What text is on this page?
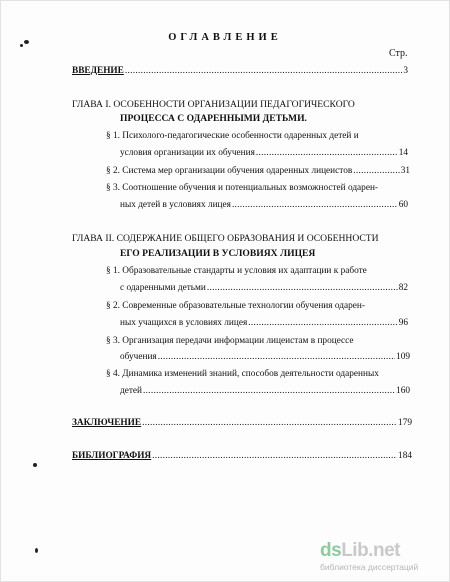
ОГЛАВЛЕНИЕ
Стр.
ВВЕДЕНИЕ .....	3
ГЛАВА I. ОСОБЕННОСТИ ОРГАНИЗАЦИИ ПЕДАГОГИЧЕСКОГО
ПРОЦЕССА С ОДАРЕННЫМИ ДЕТЬМИ.
§ 1. Психолого-педагогические особенности одаренных детей и
условия организации их обучения .....	14
§ 2. Система мер организации обучения одаренных лицеистов .....	31
§ 3. Соотношение обучения и потенциальных возможностей одарен-
ных детей в условиях лицея .....	60
ГЛАВА II. СОДЕРЖАНИЕ ОБЩЕГО ОБРАЗОВАНИЯ И ОСОБЕННОСТИ
ЕГО РЕАЛИЗАЦИИ В УСЛОВИЯХ ЛИЦЕЯ
§ 1. Образовательные стандарты и условия их адаптации к работе
с одаренными детьми .....	82
§ 2. Современные образовательные технологии обучения одарен-
ных учащихся в условиях лицея .....	96
§ 3. Организация передачи информации лицеистам в процессе
обучения .....	109
§ 4. Динамика изменений знаний, способов деятельности одаренных
детей .....	160
ЗАКЛЮЧЕНИЕ .....	179
БИБЛИОГРАФИЯ .....	184
dsLib.net
библиотека диссертаций
